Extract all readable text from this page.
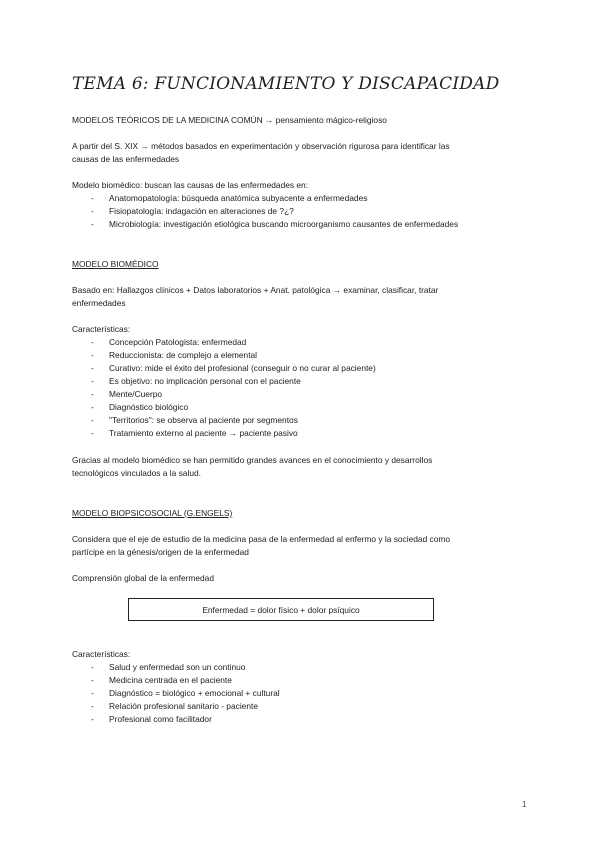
TEMA 6: FUNCIONAMIENTO Y DISCAPACIDAD
MODELOS TEÓRICOS DE LA MEDICINA COMÚN → pensamiento mágico-religioso
A partir del S. XIX → métodos basados en experimentación y observación rigurosa para identificar las
causas de las enfermedades
Modelo biomédico: buscan las causas de las enfermedades en:
- Anatomopatología: búsqueda anatómica subyacente a enfermedades
- Fisiopatología: indagación en alteraciones de ?¿?
- Microbiología: investigación etiológica buscando microorganismo causantes de enfermedades
MODELO BIOMÉDICO
Basado en: Hallazgos clínicos + Datos laboratorios + Anat. patológica → examinar, clasificar, tratar
enfermedades
Características:
- Concepción Patologista: enfermedad
- Reduccionista: de complejo a elemental
- Curativo: mide el éxito del profesional (conseguir o no curar al paciente)
- Es objetivo: no implicación personal con el paciente
- Mente/Cuerpo
- Diagnóstico biológico
- "Territorios": se observa al paciente por segmentos
- Tratamiento externo al paciente → paciente pasivo
Gracias al modelo biomédico se han permitido grandes avances en el conocimiento y desarrollos
tecnológicos vinculados a la salud.
MODELO BIOPSICOSOCIAL (G.ENGELS)
Considera que el eje de estudio de la medicina pasa de la enfermedad al enfermo y la sociedad como
partícipe en la génesis/origen de la enfermedad
Comprensión global de la enfermedad
Enfermedad = dolor físico + dolor psíquico
Características:
- Salud y enfermedad son un continuo
- Medicina centrada en el paciente
- Diagnóstico = biológico + emocional + cultural
- Relación profesional sanitario - paciente
- Profesional como facilitador
1
